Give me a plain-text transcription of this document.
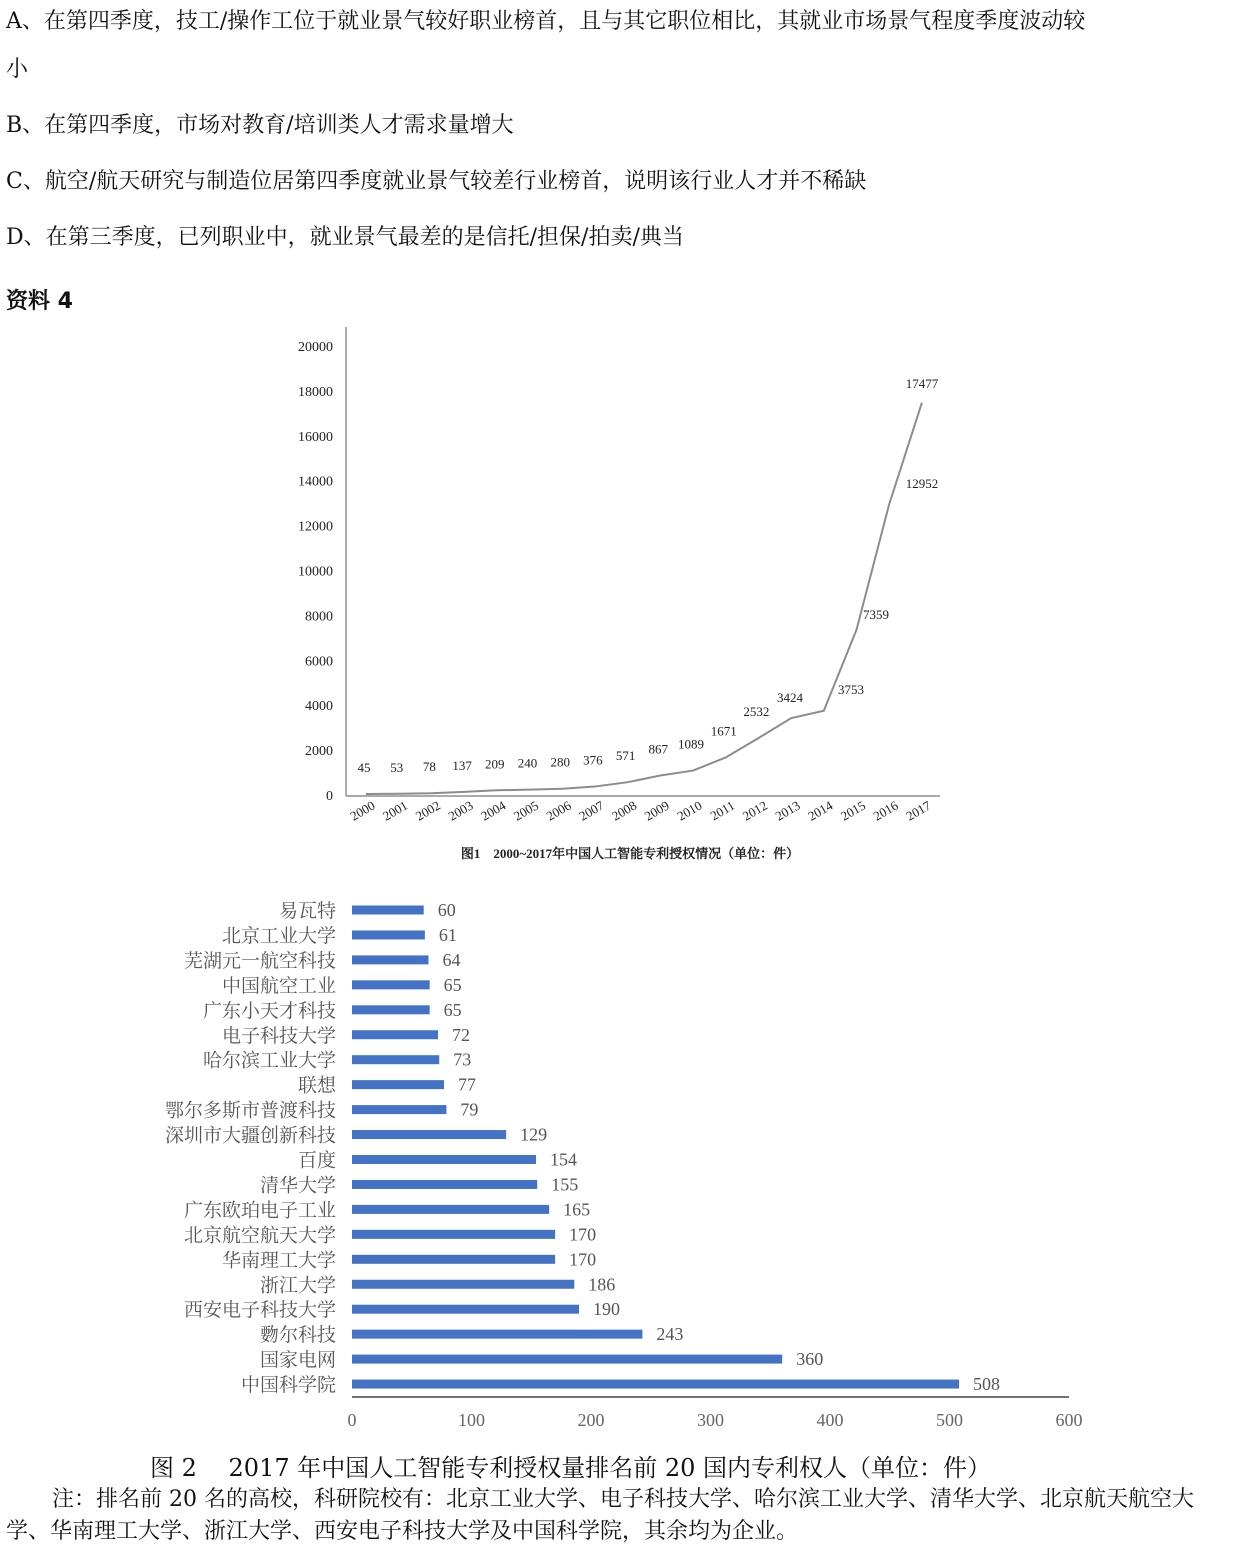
A、在第四季度，技工/操作工位于就业景气较好职业榜首，且与其它职位相比，其就业市场景气程度季度波动较
小
B、在第四季度，市场对教育/培训类人才需求量增大
C、航空/航天研究与制造位居第四季度就业景气较差行业榜首，说明该行业人才并不稀缺
D、在第三季度，已列职业中，就业景气最差的是信托/担保/拍卖/典当
资料 4
0
2000
4000
6000
8000
10000
12000
14000
16000
18000
20000
45 53 78 137 209 240 280 376 571 867 1089
1671
2532
3424
3753
7359
12952
17477
2000 2001 2002 2003 2004 2005 2006 2007 2008 2009 2010 2011 2012 2013 2014 2015 2016 2017
图1　2000~2017年中国人工智能专利授权情况（单位：件）
易瓦特	60
北京工业大学	61
芜湖元一航空科技	64
中国航空工业	65
广东小天才科技	65
电子科技大学	72
哈尔滨工业大学	73
联想	77
鄂尔多斯市普渡科技	79
深圳市大疆创新科技	129
百度	154
清华大学	155
广东欧珀电子工业	165
北京航空航天大学	170
华南理工大学	170
浙江大学	186
西安电子科技大学	190
覅尔科技	243
国家电网	360
中国科学院	508
0	100	200	300	400	500	600
图 2　 2017 年中国人工智能专利授权量排名前 20 国内专利权人（单位：件）
注：排名前 20 名的高校，科研院校有：北京工业大学、电子科技大学、哈尔滨工业大学、清华大学、北京航天航空大学、华南理工大学、浙江大学、西安电子科技大学及中国科学院，其余均为企业。
